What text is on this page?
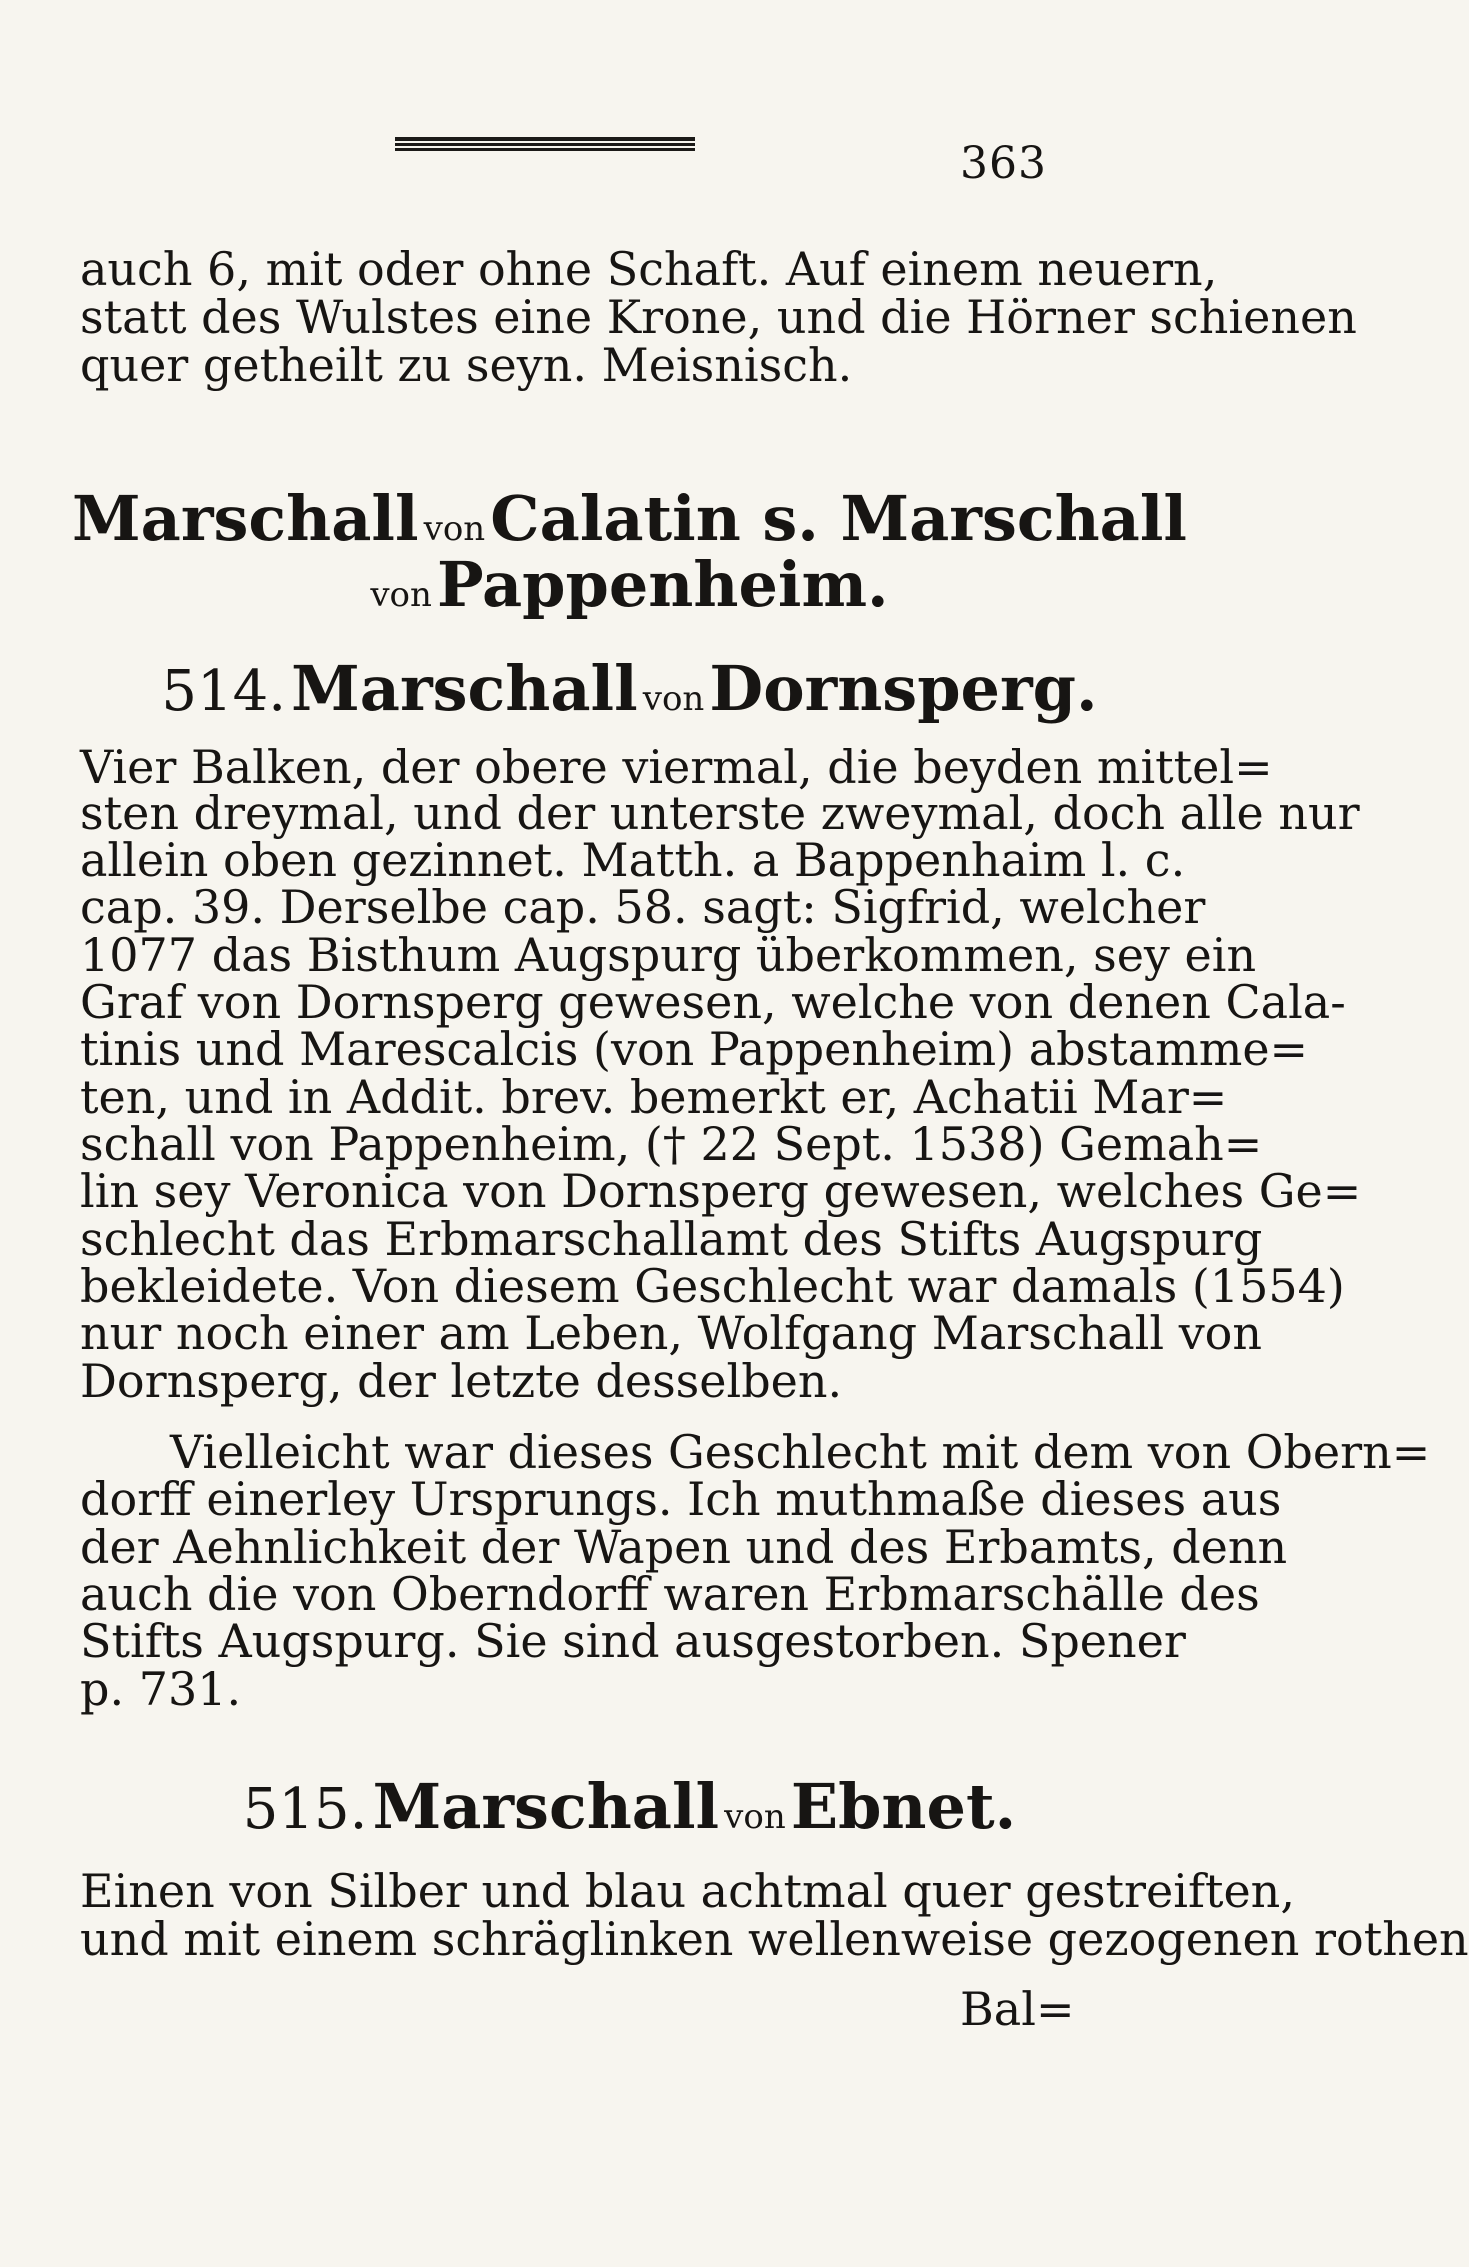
363
auch 6, mit oder ohne Schaft. Auf einem neuern,
statt des Wulstes eine Krone, und die Hörner schienen
quer getheilt zu seyn. Meisnisch.
Marschall von Calatin s. Marschall
von Pappenheim.
514. Marschall von Dornsperg.
Vier Balken, der obere viermal, die beyden mittel=
sten dreymal, und der unterste zweymal, doch alle nur
allein oben gezinnet. Matth. a Bappenhaim l. c.
cap. 39. Derselbe cap. 58. sagt: Sigfrid, welcher
1077 das Bisthum Augspurg überkommen, sey ein
Graf von Dornsperg gewesen, welche von denen Cala-
tinis und Marescalcis (von Pappenheim) abstamme=
ten, und in Addit. brev. bemerkt er, Achatii Mar=
schall von Pappenheim, († 22 Sept. 1538) Gemah=
lin sey Veronica von Dornsperg gewesen, welches Ge=
schlecht das Erbmarschallamt des Stifts Augspurg
bekleidete. Von diesem Geschlecht war damals (1554)
nur noch einer am Leben, Wolfgang Marschall von
Dornsperg, der letzte desselben.
Vielleicht war dieses Geschlecht mit dem von Obern=
dorff einerley Ursprungs. Ich muthmaße dieses aus
der Aehnlichkeit der Wapen und des Erbamts, denn
auch die von Oberndorff waren Erbmarschälle des
Stifts Augspurg. Sie sind ausgestorben. Spener
p. 731.
515. Marschall von Ebnet.
Einen von Silber und blau achtmal quer gestreiften,
und mit einem schräglinken wellenweise gezogenen rothen
Bal=
